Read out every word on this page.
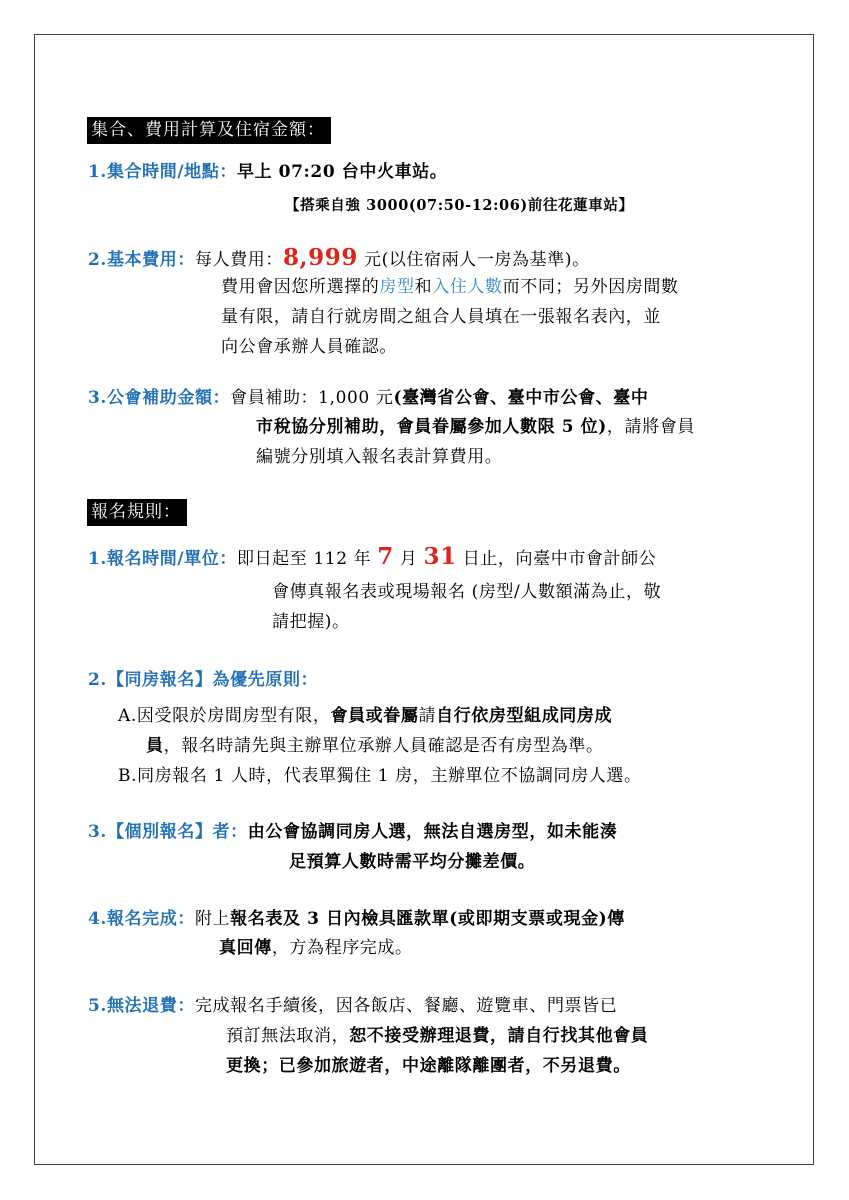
集合、費用計算及住宿金額：
1.集合時間/地點：早上 07:20 台中火車站。
【搭乘自強 3000(07:50-12:06)前往花蓮車站】
2.基本費用：每人費用：8,999 元(以住宿兩人一房為基準)。
費用會因您所選擇的房型和入住人數而不同；另外因房間數
量有限，請自行就房間之組合人員填在一張報名表內，並
向公會承辦人員確認。
3.公會補助金額：會員補助：1,000 元(臺灣省公會、臺中市公會、臺中
市稅協分別補助，會員眷屬參加人數限 5 位)，請將會員
編號分別填入報名表計算費用。
報名規則：
1.報名時間/單位：即日起至 112 年 7 月 31 日止，向臺中市會計師公
會傳真報名表或現場報名 (房型/人數額滿為止，敬
請把握)。
2.【同房報名】為優先原則：
A.因受限於房間房型有限，會員或眷屬請自行依房型組成同房成
員，報名時請先與主辦單位承辦人員確認是否有房型為準。
B.同房報名 1 人時，代表單獨住 1 房，主辦單位不協調同房人選。
3.【個別報名】者：由公會協調同房人選，無法自選房型，如未能湊
足預算人數時需平均分攤差價。
4.報名完成：附上報名表及 3 日內檢具匯款單(或即期支票或現金)傳
真回傳，方為程序完成。
5.無法退費：完成報名手續後，因各飯店、餐廳、遊覽車、門票皆已
預訂無法取消，恕不接受辦理退費，請自行找其他會員
更換；已參加旅遊者，中途離隊離團者，不另退費。
